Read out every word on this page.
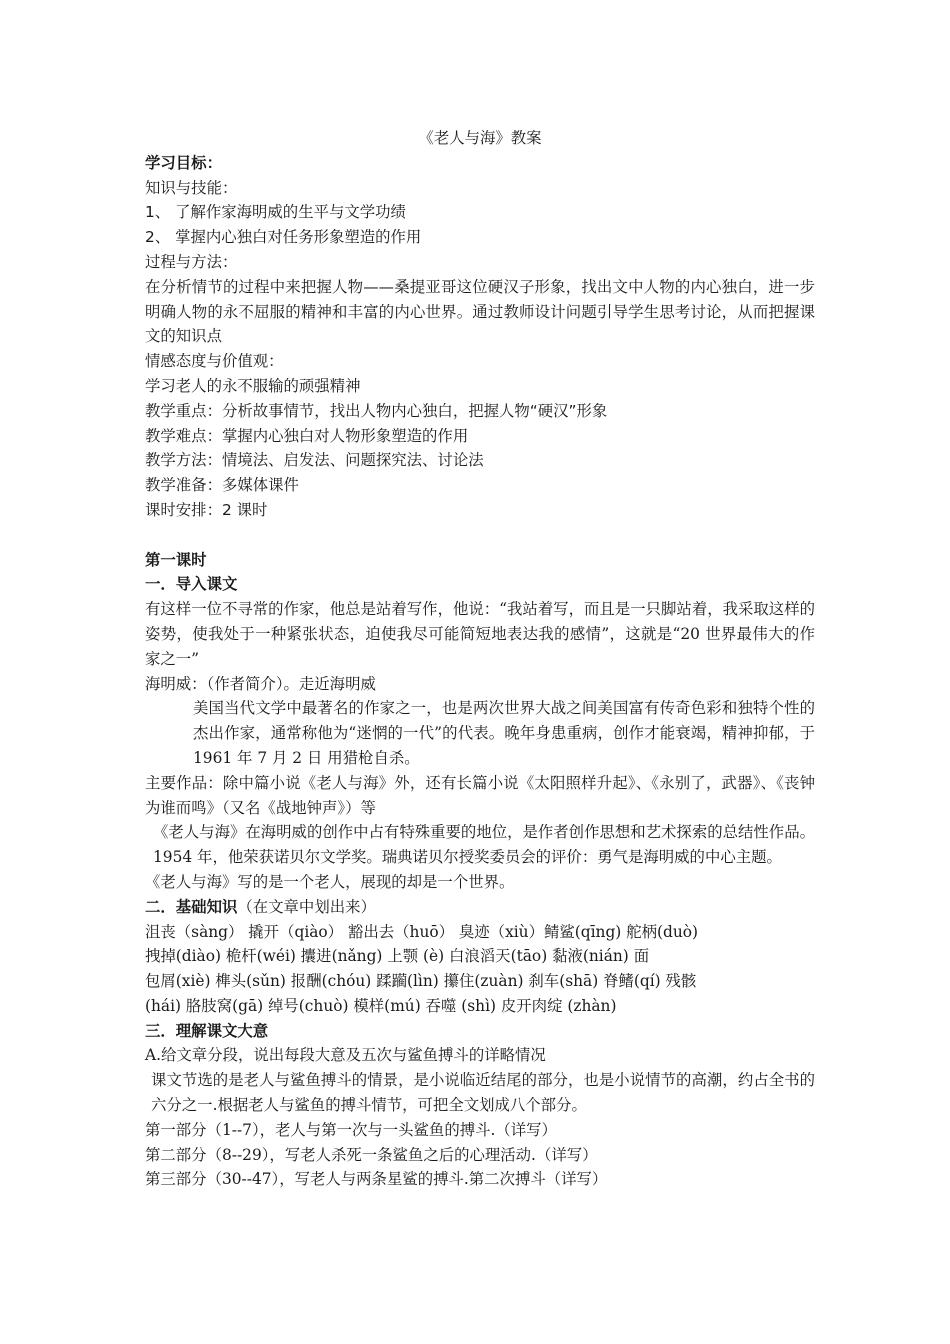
《老人与海》教案
学习目标：
知识与技能：
1、 了解作家海明威的生平与文学功绩
2、 掌握内心独白对任务形象塑造的作用
过程与方法：
在分析情节的过程中来把握人物——桑提亚哥这位硬汉子形象，找出文中人物的内心独白，进一步明确人物的永不屈服的精神和丰富的内心世界。通过教师设计问题引导学生思考讨论，从而把握课文的知识点
情感态度与价值观：
学习老人的永不服输的顽强精神
教学重点：分析故事情节，找出人物内心独白，把握人物“硬汉”形象
教学难点：掌握内心独白对人物形象塑造的作用
教学方法：情境法、启发法、问题探究法、讨论法
教学准备：多媒体课件
课时安排：2 课时
第一课时
一．导入课文
有这样一位不寻常的作家，他总是站着写作，他说：“我站着写，而且是一只脚站着，我采取这样的姿势，使我处于一种紧张状态，迫使我尽可能简短地表达我的感情”，这就是“20 世界最伟大的作家之一”
海明威：（作者简介）。走近海明威
美国当代文学中最著名的作家之一，也是两次世界大战之间美国富有传奇色彩和独特个性的杰出作家，通常称他为“迷惘的一代”的代表。晚年身患重病，创作才能衰竭，精神抑郁，于 1961 年 7 月 2 日 用猎枪自杀。
主要作品：除中篇小说《老人与海》外，还有长篇小说《太阳照样升起》、《永别了，武器》、《丧钟为谁而鸣》（又名《战地钟声》）等
《老人与海》在海明威的创作中占有特殊重要的地位，是作者创作思想和艺术探索的总结性作品。1954 年，他荣获诺贝尔文学奖。瑞典诺贝尔授奖委员会的评价：勇气是海明威的中心主题。
《老人与海》写的是一个老人，展现的却是一个世界。
二．基础知识（在文章中划出来）
沮丧（sàng） 撬开（qiào） 豁出去（huō） 臭迹（xiù）鲭鲨(qīng) 舵柄(duò)
拽掉(diào) 桅杆(wéi) 攮进(nǎng) 上颚 (è) 白浪滔天(tāo) 黏液(nián) 面
包屑(xiè) 榫头(sǔn) 报酬(chóu) 蹂躏(lìn) 攥住(zuàn) 刹车(shā) 脊鳍(qí) 残骸
(hái) 胳肢窝(gā) 绰号(chuò) 模样(mú) 吞噬 (shì) 皮开肉绽 (zhàn)
三．理解课文大意
A.给文章分段，说出每段大意及五次与鲨鱼搏斗的详略情况
课文节选的是老人与鲨鱼搏斗的情景，是小说临近结尾的部分，也是小说情节的高潮，约占全书的六分之一.根据老人与鲨鱼的搏斗情节，可把全文划成八个部分。
第一部分（1--7），老人与第一次与一头鲨鱼的搏斗.（详写）
第二部分（8--29），写老人杀死一条鲨鱼之后的心理活动.（详写）
第三部分（30--47），写老人与两条星鲨的搏斗.第二次搏斗（详写）
